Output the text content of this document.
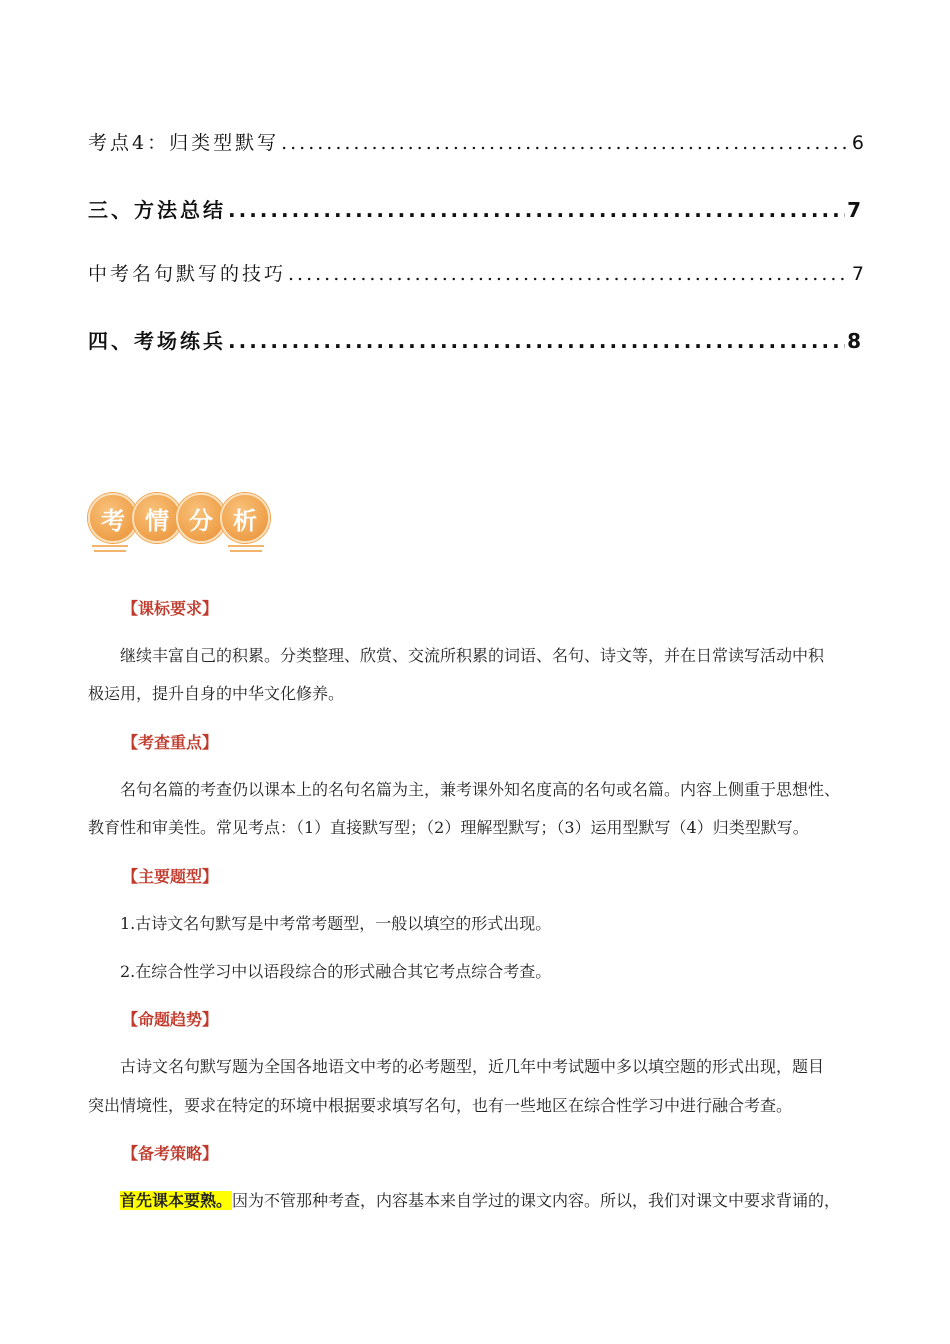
考点4：归类型默写 .....	6
三、方法总结 .....	7
中考名句默写的技巧 .....	7
四、考场练兵 .....	8
考 情 分 析
【课标要求】
继续丰富自己的积累。分类整理、欣赏、交流所积累的词语、名句、诗文等，并在日常读写活动中积
极运用，提升自身的中华文化修养。
【考查重点】
名句名篇的考查仍以课本上的名句名篇为主，兼考课外知名度高的名句或名篇。内容上侧重于思想性、
教育性和审美性。常见考点：（1）直接默写型；（2）理解型默写；（3）运用型默写（4）归类型默写。
【主要题型】
1.古诗文名句默写是中考常考题型，一般以填空的形式出现。
2.在综合性学习中以语段综合的形式融合其它考点综合考查。
【命题趋势】
古诗文名句默写题为全国各地语文中考的必考题型，近几年中考试题中多以填空题的形式出现，题目
突出情境性，要求在特定的环境中根据要求填写名句，也有一些地区在综合性学习中进行融合考查。
【备考策略】
首先课本要熟。因为不管那种考查，内容基本来自学过的课文内容。所以，我们对课文中要求背诵的，
